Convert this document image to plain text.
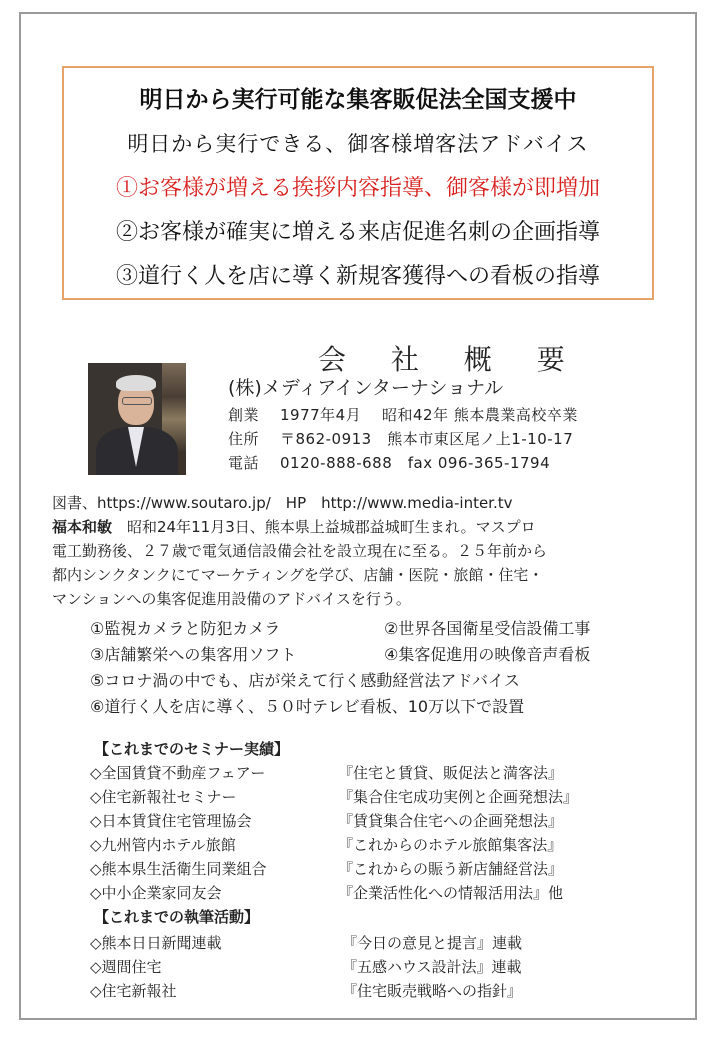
明日から実行可能な集客販促法全国支援中
明日から実行できる、御客様増客法アドバイス
①お客様が増える挨拶内容指導、御客様が即増加
②お客様が確実に増える来店促進名刺の企画指導
③道行く人を店に導く新規客獲得への看板の指導
会 社 概 要
(株)メディアインターナショナル
創業 1977年4月　 昭和42年 熊本農業高校卒業
住所 〒862-0913　熊本市東区尾ノ上1-10-17
電話 0120-888-688　fax 096-365-1794
図書、https://www.soutaro.jp/　HP　http://www.media-inter.tv
福本和敏　昭和24年11月3日、熊本県上益城郡益城町生まれ。マスプロ
電工勤務後、２７歳で電気通信設備会社を設立現在に至る。２５年前から
都内シンクタンクにてマーケティングを学び、店舗・医院・旅館・住宅・
マンションへの集客促進用設備のアドバイスを行う。
①監視カメラと防犯カメラ	②世界各国衛星受信設備工事
③店舗繁栄への集客用ソフト	④集客促進用の映像音声看板
⑤コロナ渦の中でも、店が栄えて行く感動経営法アドバイス
⑥道行く人を店に導く、５０吋テレビ看板、10万以下で設置
【これまでのセミナー実績】
◇全国賃貸不動産フェアー	『住宅と賃貸、販促法と満客法』
◇住宅新報社セミナー	『集合住宅成功実例と企画発想法』
◇日本賃貸住宅管理協会	『賃貸集合住宅への企画発想法』
◇九州管内ホテル旅館	『これからのホテル旅館集客法』
◇熊本県生活衛生同業組合	『これからの賑う新店舗経営法』
◇中小企業家同友会	『企業活性化への情報活用法』他
【これまでの執筆活動】
◇熊本日日新聞連載	『今日の意見と提言』連載
◇週間住宅	『五感ハウス設計法』連載
◇住宅新報社	『住宅販売戦略への指針』
